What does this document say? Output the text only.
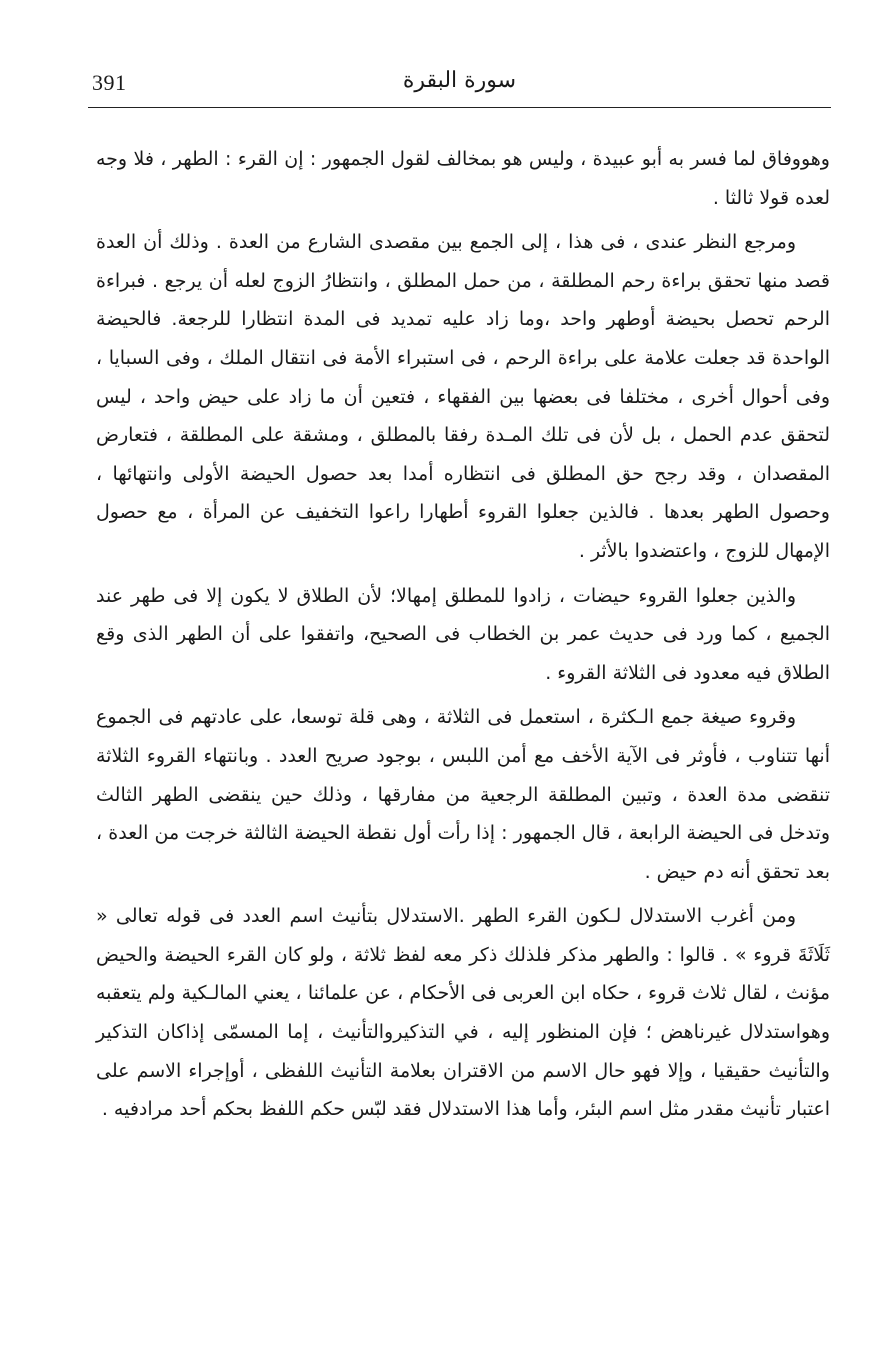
391	سورة البقرة

وهووفاق لما فسر به أبو عبيدة ، وليس هو بمخالف لقول الجمهور : إن القرء : الطهر ، فلا وجه لعده قولا ثالثا .

ومرجع النظر عندى ، فى هذا ، إلى الجمع بين مقصدى الشارع من العدة . وذلك أن العدة قصد منها تحقق براءة رحم المطلقة ، من حمل المطلق ، وانتظارُ الزوج لعله أن يرجع . فبراءة الرحم تحصل بحيضة أوطهر واحد ،وما زاد عليه تمديد فى المدة انتظارا للرجعة. فالحيضة الواحدة قد جعلت علامة على براءة الرحم ، فى استبراء الأمة فى انتقال الملك ، وفى السبايا ، وفى أحوال أخرى ، مختلفا فى بعضها بين الفقهاء ، فتعين أن ما زاد على حيض واحد ، ليس لتحقق عدم الحمل ، بل لأن فى تلك المـدة رفقا بالمطلق ، ومشقة على المطلقة ، فتعارض المقصدان ، وقد رجح حق المطلق فى انتظاره أمدا بعد حصول الحيضة الأولى وانتهائها ، وحصول الطهر بعدها . فالذين جعلوا القروء أطهارا راعوا التخفيف عن المرأة ، مع حصول الإمهال للزوج ، واعتضدوا بالأثر .

والذين جعلوا القروء حيضات ، زادوا للمطلق إمهالا؛ لأن الطلاق لا يكون إلا فى طهر عند الجميع ، كما ورد فى حديث عمر بن الخطاب فى الصحيح، واتفقوا على أن الطهر الذى وقع الطلاق فيه معدود فى الثلاثة القروء .

وقروء صيغة جمع الـكثرة ، استعمل فى الثلاثة ، وهى قلة توسعا، على عادتهم فى الجموع أنها تتناوب ، فأوثر فى الآية الأخف مع أمن اللبس ، بوجود صريح العدد . وبانتهاء القروء الثلاثة تنقضى مدة العدة ، وتبين المطلقة الرجعية من مفارقها ، وذلك حين ينقضى الطهر الثالث وتدخل فى الحيضة الرابعة ، قال الجمهور : إذا رأت أول نقطة الحيضة الثالثة خرجت من العدة ، بعد تحقق أنه دم حيض .

ومن أغرب الاستدلال لـكون القرء الطهر .الاستدلال بتأنيث اسم العدد فى قوله تعالى « ثَلَاثَةَ قروء » . قالوا : والطهر مذكر فلذلك ذكر معه لفظ ثلاثة ، ولو كان القرء الحيضة والحيض مؤنث ، لقال ثلاث قروء ، حكاه ابن العربى فى الأحكام ، عن علمائنا ، يعني المالـكية ولم يتعقبه وهواستدلال غيرناهض ؛ فإن المنظور إليه ، في التذكيروالتأنيث ، إما المسمّى إذاكان التذكير والتأنيث حقيقيا ، وإلا فهو حال الاسم من الاقتران بعلامة التأنيث اللفظى ، أوإجراء الاسم على اعتبار تأنيث مقدر مثل اسم البئر، وأما هذا الاستدلال فقد لبّس حكم اللفظ بحكم أحد مرادفيه .
